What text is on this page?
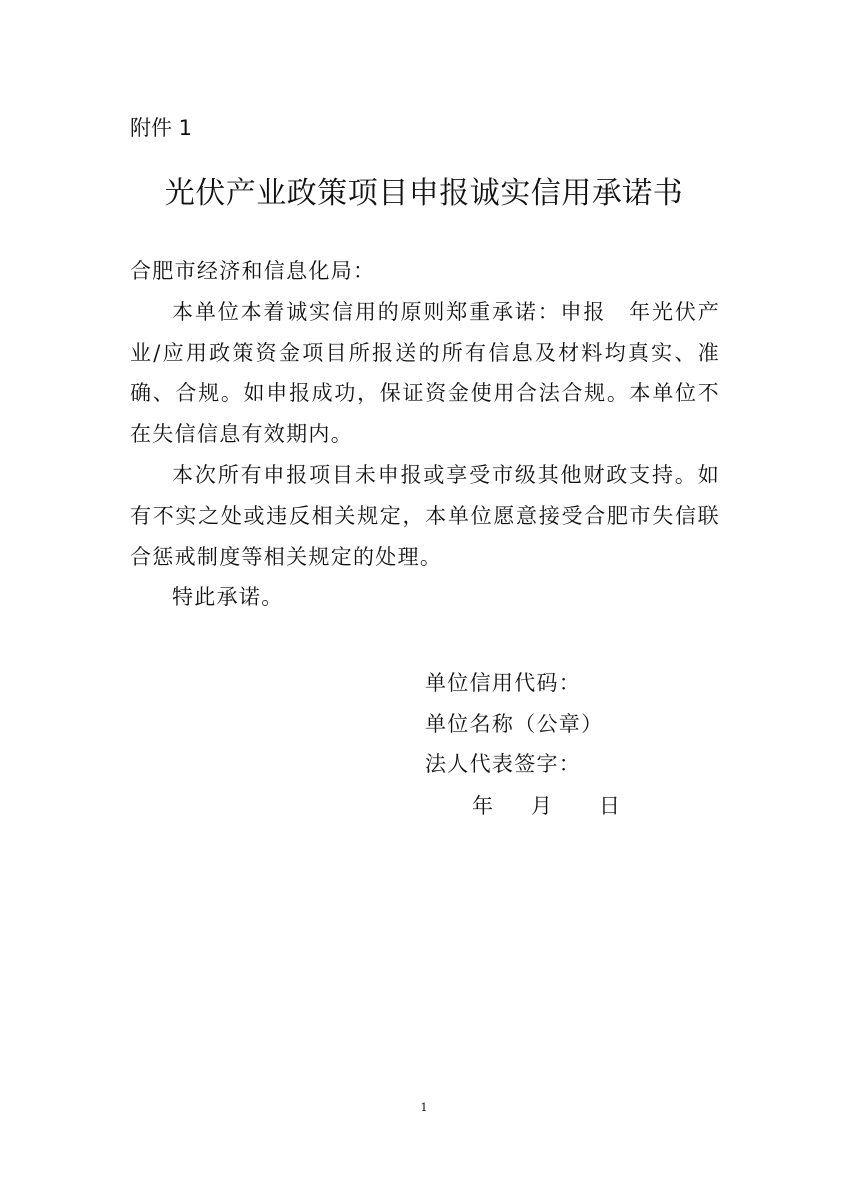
附件 1
光伏产业政策项目申报诚实信用承诺书

合肥市经济和信息化局：

本单位本着诚实信用的原则郑重承诺：申报　年光伏产业/应用政策资金项目所报送的所有信息及材料均真实、准确、合规。如申报成功，保证资金使用合法合规。本单位不在失信信息有效期内。

本次所有申报项目未申报或享受市级其他财政支持。如有不实之处或违反相关规定，本单位愿意接受合肥市失信联合惩戒制度等相关规定的处理。

特此承诺。

单位信用代码：
单位名称（公章）
法人代表签字：
年 月 日
1
